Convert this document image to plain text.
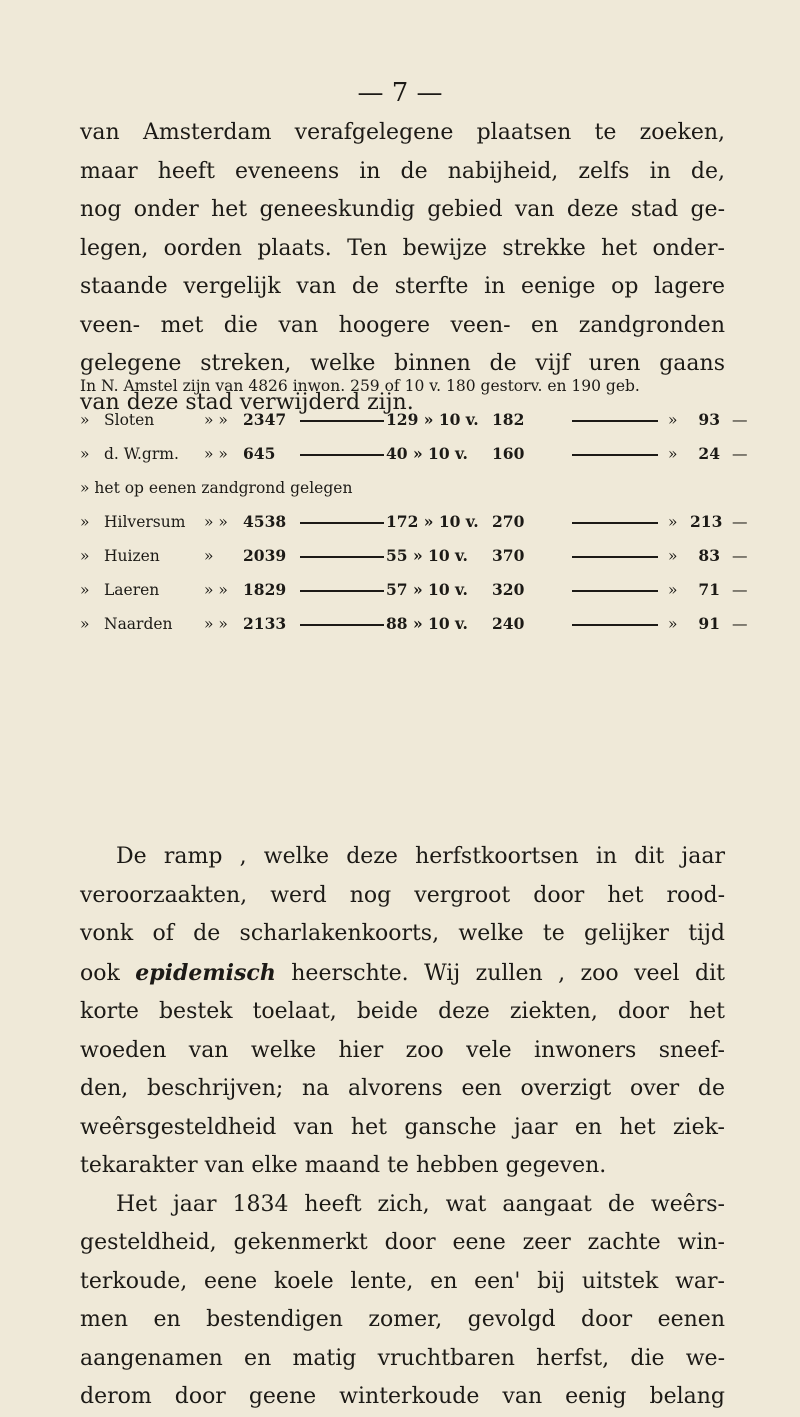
— 7 —
van Amsterdam verafgelegene plaatsen te zoeken,
maar heeft eveneens in de nabijheid, zelfs in de,
nog onder het geneeskundig gebied van deze stad ge-
legen, oorden plaats. Ten bewijze strekke het onder-
staande vergelijk van de sterfte in eenige op lagere
veen- met die van hoogere veen- en zandgronden
gelegene streken, welke binnen de vijf uren gaans
van deze stad verwijderd zijn.
In N. Amstel zijn van 4826 inwon. 259 of 10 v. 180 gestorv. en 190 geb.
» Sloten	» » 2347	129 » 10 v. 182	»	93 —
» d. W.grm. » » 645	40 » 10 v. 160	»	24 —
» het op eenen zandgrond gelegen
» Hilversum » » 4538	172 » 10 v. 270	» 213 —
» Huizen	» 2039	55 » 10 v. 370	»	83 —
» Laeren	» » 1829	57 » 10 v. 320	»	71 —
» Naarden » » 2133	88 » 10 v. 240	»	91 —
De ramp , welke deze herfstkoortsen in dit jaar
veroorzaakten, werd nog vergroot door het rood-
vonk of de scharlakenkoorts, welke te gelijker tijd
ook epidemisch heerschte. Wij zullen , zoo veel dit
korte bestek toelaat, beide deze ziekten, door het
woeden van welke hier zoo vele inwoners sneef-
den, beschrijven; na alvorens een overzigt over de
weêrsgesteldheid van het gansche jaar en het ziek-
tekarakter van elke maand te hebben gegeven.
Het jaar 1834 heeft zich, wat aangaat de weêrs-
gesteldheid, gekenmerkt door eene zeer zachte win-
terkoude, eene koele lente, en een' bij uitstek war-
men en bestendigen zomer, gevolgd door eenen
aangenamen en matig vruchtbaren herfst, die we-
derom door geene winterkoude van eenig belang
